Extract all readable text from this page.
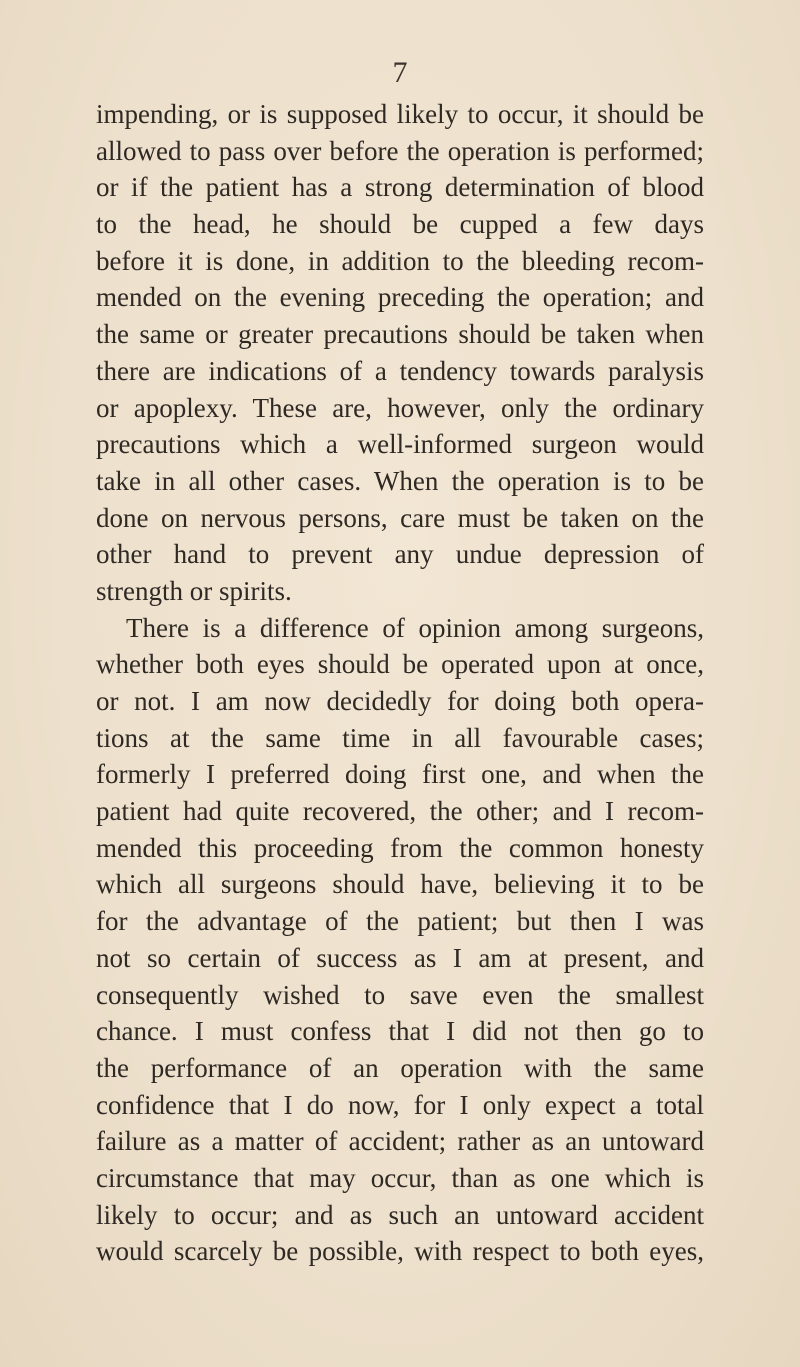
7
impending, or is supposed likely to occur, it should be
allowed to pass over before the operation is performed;
or if the patient has a strong determination of blood
to the head, he should be cupped a few days
before it is done, in addition to the bleeding recom-
mended on the evening preceding the operation; and
the same or greater precautions should be taken when
there are indications of a tendency towards paralysis
or apoplexy. These are, however, only the ordinary
precautions which a well-informed surgeon would
take in all other cases. When the operation is to be
done on nervous persons, care must be taken on the
other hand to prevent any undue depression of
strength or spirits.
There is a difference of opinion among surgeons,
whether both eyes should be operated upon at once,
or not. I am now decidedly for doing both opera-
tions at the same time in all favourable cases;
formerly I preferred doing first one, and when the
patient had quite recovered, the other; and I recom-
mended this proceeding from the common honesty
which all surgeons should have, believing it to be
for the advantage of the patient; but then I was
not so certain of success as I am at present, and
consequently wished to save even the smallest
chance. I must confess that I did not then go to
the performance of an operation with the same
confidence that I do now, for I only expect a total
failure as a matter of accident; rather as an untoward
circumstance that may occur, than as one which is
likely to occur; and as such an untoward accident
would scarcely be possible, with respect to both eyes,
